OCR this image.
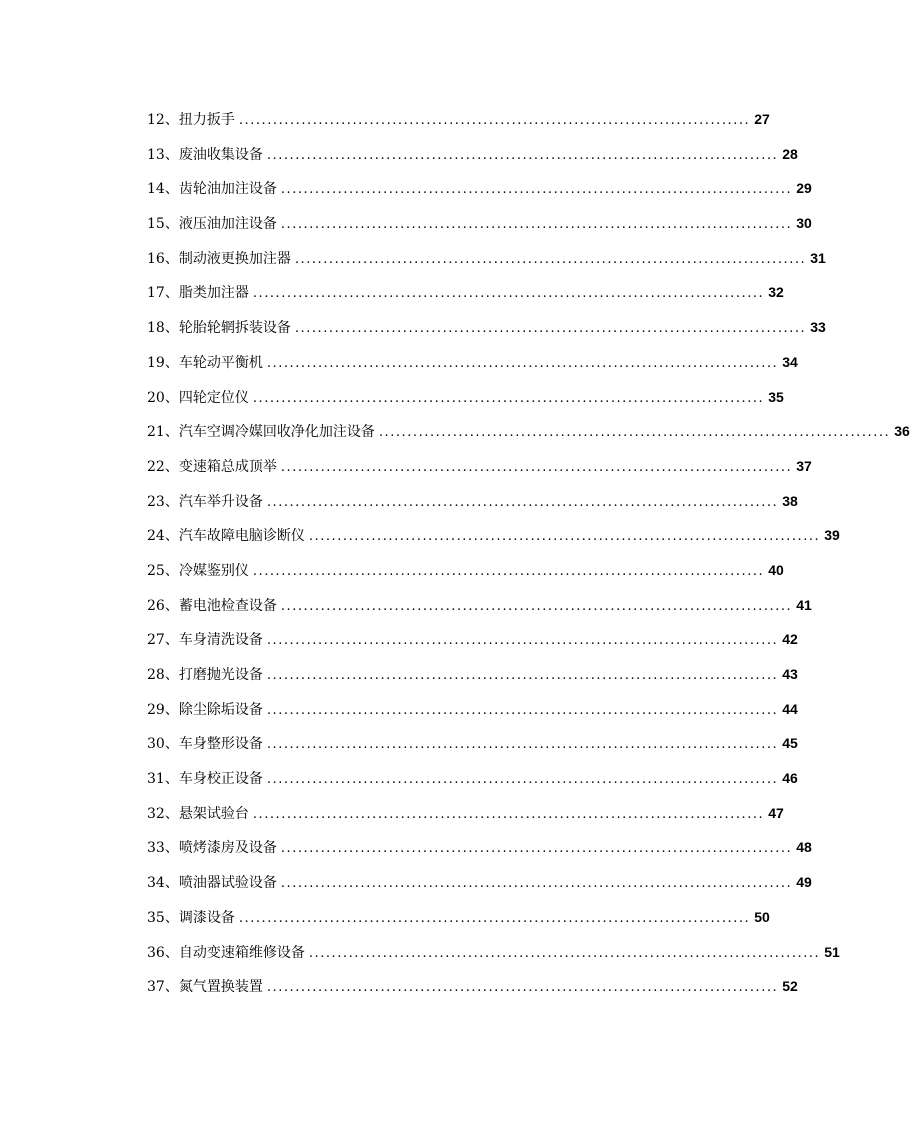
12、扭力扳手 .......................................................................................... 27
13、废油收集设备 .......................................................................................... 28
14、齿轮油加注设备 .......................................................................................... 29
15、液压油加注设备 .......................................................................................... 30
16、制动液更换加注器 .......................................................................................... 31
17、脂类加注器 .......................................................................................... 32
18、轮胎轮辋拆装设备 .......................................................................................... 33
19、车轮动平衡机 .......................................................................................... 34
20、四轮定位仪 .......................................................................................... 35
21、汽车空调冷媒回收净化加注设备 .......................................................................................... 36
22、变速箱总成顶举 .......................................................................................... 37
23、汽车举升设备 .......................................................................................... 38
24、汽车故障电脑诊断仪 .......................................................................................... 39
25、冷媒鉴别仪 .......................................................................................... 40
26、蓄电池检查设备 .......................................................................................... 41
27、车身清洗设备 .......................................................................................... 42
28、打磨抛光设备 .......................................................................................... 43
29、除尘除垢设备 .......................................................................................... 44
30、车身整形设备 .......................................................................................... 45
31、车身校正设备 .......................................................................................... 46
32、悬架试验台 .......................................................................................... 47
33、喷烤漆房及设备 .......................................................................................... 48
34、喷油器试验设备 .......................................................................................... 49
35、调漆设备 .......................................................................................... 50
36、自动变速箱维修设备 .......................................................................................... 51
37、氮气置换装置 .......................................................................................... 52
